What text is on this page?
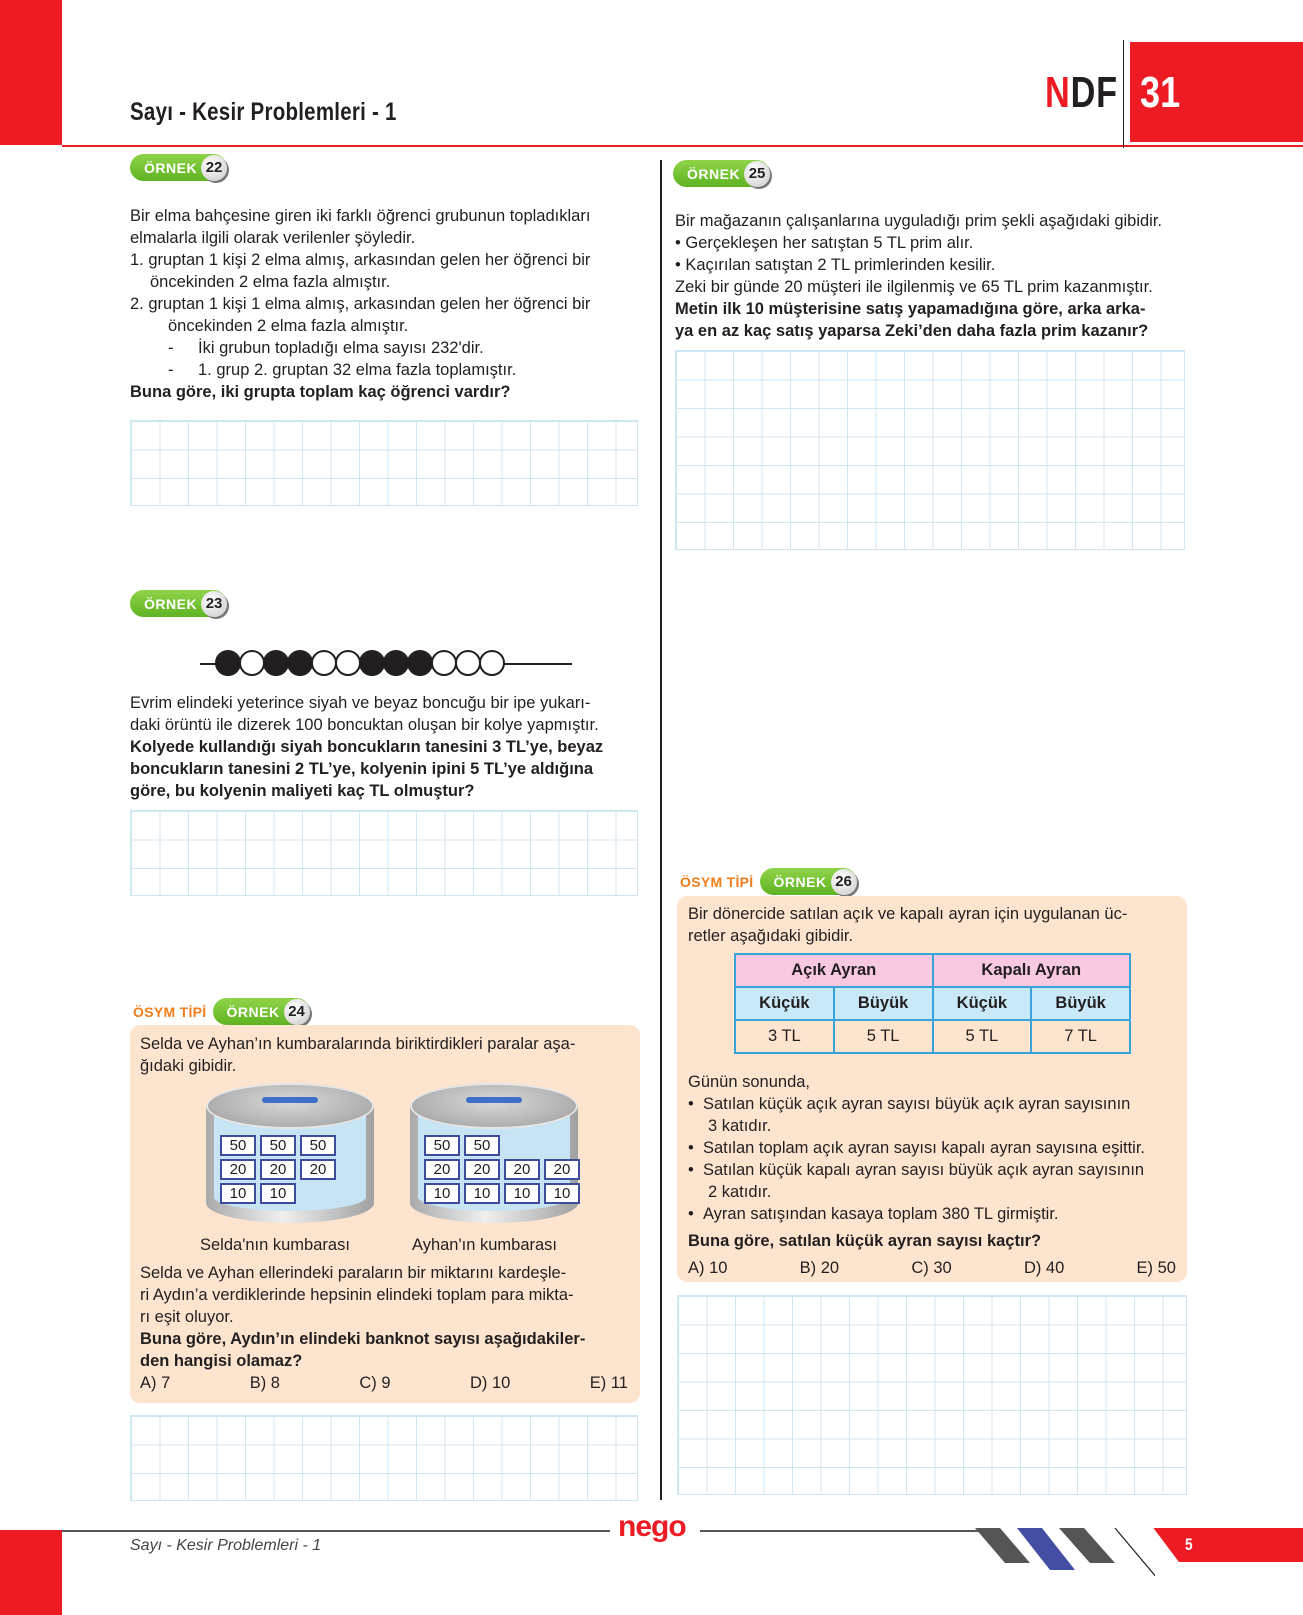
Sayı - Kesir Problemleri - 1	NDF 31
ÖRNEK 22

Bir elma bahçesine giren iki farklı öğrenci grubunun topladıkları

elmalarla ilgili olarak verilenler şöyledir.

1. gruptan 1 kişi 2 elma almış, arkasından gelen her öğrenci bir

öncekinden 2 elma fazla almıştır.

2. gruptan 1 kişi 1 elma almış, arkasından gelen her öğrenci bir

öncekinden 2 elma fazla almıştır.

- İki grubun topladığı elma sayısı 232'dir.

- 1. grup 2. gruptan 32 elma fazla toplamıştır.

Buna göre, iki grupta toplam kaç öğrenci vardır?

ÖRNEK 23

Evrim elindeki yeterince siyah ve beyaz boncuğu bir ipe yukarı-

daki örüntü ile dizerek 100 boncuktan oluşan bir kolye yapmıştır.

Kolyede kullandığı siyah boncukların tanesini 3 TL’ye, beyaz

boncukların tanesini 2 TL’ye, kolyenin ipini 5 TL’ye aldığına

göre, bu kolyenin maliyeti kaç TL olmuştur?

ÖSYM TİPİ	ÖRNEK 24

Selda ve Ayhan’ın kumbaralarında biriktirdikleri paralar aşa-

ğıdaki gibidir.

50	50	50
20	20	20
10	10
50	50
20	20	20	20
10	10	10	10
Selda'nın kumbarası	Ayhan'ın kumbarası

Selda ve Ayhan ellerindeki paraların bir miktarını kardeşle-

ri Aydın’a verdiklerinde hepsinin elindeki toplam para mikta-

rı eşit oluyor.

Buna göre, Aydın’ın elindeki banknot sayısı aşağıdakiler-

den hangisi olamaz?

A) 7	B) 8	C) 9	D) 10	E) 11
ÖRNEK 25

Bir mağazanın çalışanlarına uyguladığı prim şekli aşağıdaki gibidir.

• Gerçekleşen her satıştan 5 TL prim alır.

• Kaçırılan satıştan 2 TL primlerinden kesilir.

Zeki bir günde 20 müşteri ile ilgilenmiş ve 65 TL prim kazanmıştır.

Metin ilk 10 müşterisine satış yapamadığına göre, arka arka-

ya en az kaç satış yaparsa Zeki’den daha fazla prim kazanır?

ÖSYM TİPİ	ÖRNEK 26

Bir dönercide satılan açık ve kapalı ayran için uygulanan üc-

retler aşağıdaki gibidir.

Açık Ayran		Kapalı Ayran	
Küçük	Büyük	Küçük	Büyük
3 TL	5 TL	5 TL	7 TL

Günün sonunda,

•  Satılan küçük açık ayran sayısı büyük açık ayran sayısının

3 katıdır.

•  Satılan toplam açık ayran sayısı kapalı ayran sayısına eşittir.

•  Satılan küçük kapalı ayran sayısı büyük açık ayran sayısının

2 katıdır.

•  Ayran satışından kasaya toplam 380 TL girmiştir.

Buna göre, satılan küçük ayran sayısı kaçtır?

A) 10	B) 20	C) 30	D) 40	E) 50
Sayı - Kesir Problemleri - 1
nego
5
